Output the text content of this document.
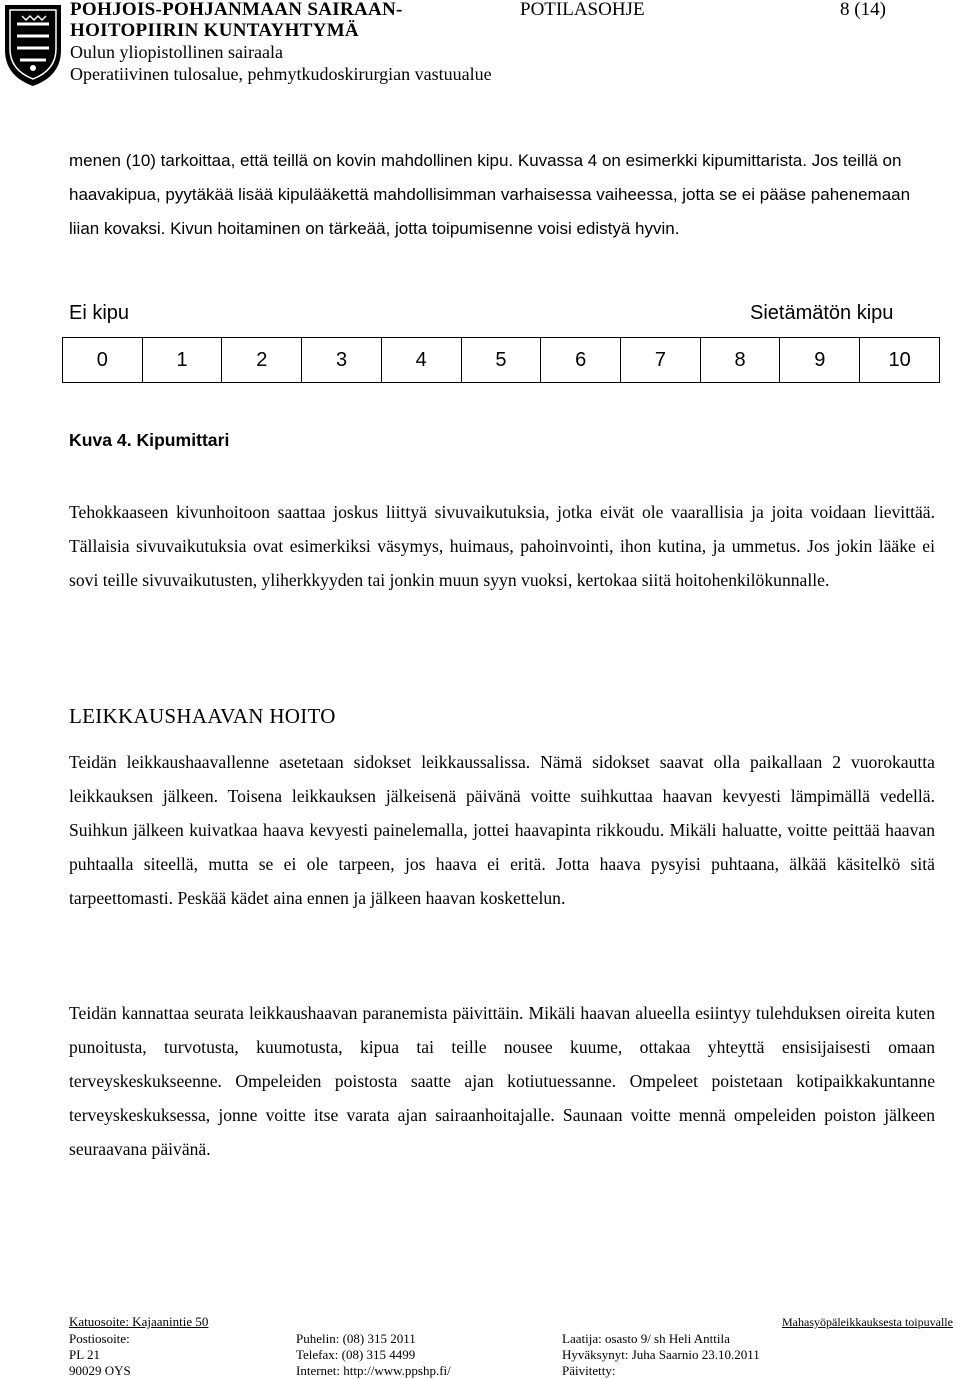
POHJOIS-POHJANMAAN SAIRAAN-
HOITOPIIRIN KUNTAYHTYMÄ
Oulun yliopistollinen sairaala
Operatiivinen tulosalue, pehmytkudoskirurgian vastuualue
POTILASOHJE	8 (14)
menen (10) tarkoittaa, että teillä on kovin mahdollinen kipu. Kuvassa 4 on esimerkki kipumittarista. Jos teillä on haavakipua, pyytäkää lisää kipulääkettä mahdollisimman varhaisessa vaiheessa, jotta se ei pääse pahenemaan liian kovaksi. Kivun hoitaminen on tärkeää, jotta toipumisenne voisi edistyä hyvin.
Ei kipu	Sietämätön kipu
0	1	2	3	4	5	6	7	8	9	10
Kuva 4. Kipumittari
Tehokkaaseen kivunhoitoon saattaa joskus liittyä sivuvaikutuksia, jotka eivät ole vaarallisia ja joita voidaan lievittää. Tällaisia sivuvaikutuksia ovat esimerkiksi väsymys, huimaus, pahoinvointi, ihon kutina, ja ummetus. Jos jokin lääke ei sovi teille sivuvaikutusten, yliherkkyyden tai jonkin muun syyn vuoksi, kertokaa siitä hoitohenkilökunnalle.
LEIKKAUSHAAVAN HOITO
Teidän leikkaushaavallenne asetetaan sidokset leikkaussalissa. Nämä sidokset saavat olla paikallaan 2 vuorokautta leikkauksen jälkeen. Toisena leikkauksen jälkeisenä päivänä voitte suihkuttaa haavan kevyesti lämpimällä vedellä. Suihkun jälkeen kuivatkaa haava kevyesti painelemalla, jottei haavapinta rikkoudu. Mikäli haluatte, voitte peittää haavan puhtaalla siteellä, mutta se ei ole tarpeen, jos haava ei eritä. Jotta haava pysyisi puhtaana, älkää käsitelkö sitä tarpeettomasti. Peskää kädet aina ennen ja jälkeen haavan koskettelun.
Teidän kannattaa seurata leikkaushaavan paranemista päivittäin. Mikäli haavan alueella esiintyy tulehduksen oireita kuten punoitusta, turvotusta, kuumotusta, kipua tai teille nousee kuume, ottakaa yhteyttä ensisijaisesti omaan terveyskeskukseenne. Ompeleiden poistosta saatte ajan kotiutuessanne. Ompeleet poistetaan kotipaikkakuntanne terveyskeskuksessa, jonne voitte itse varata ajan sairaanhoitajalle. Saunaan voitte mennä ompeleiden poiston jälkeen seuraavana päivänä.
Katuosoite: Kajaanintie 50
Postiosoite:
PL 21
90029 OYS
Puhelin: (08) 315 2011
Telefax: (08) 315 4499
Internet: http://www.ppshp.fi/
Mahasyöpäleikkauksesta toipuvalle
Laatija: osasto 9/ sh Heli Anttila
Hyväksynyt: Juha Saarnio 23.10.2011
Päivitetty:
